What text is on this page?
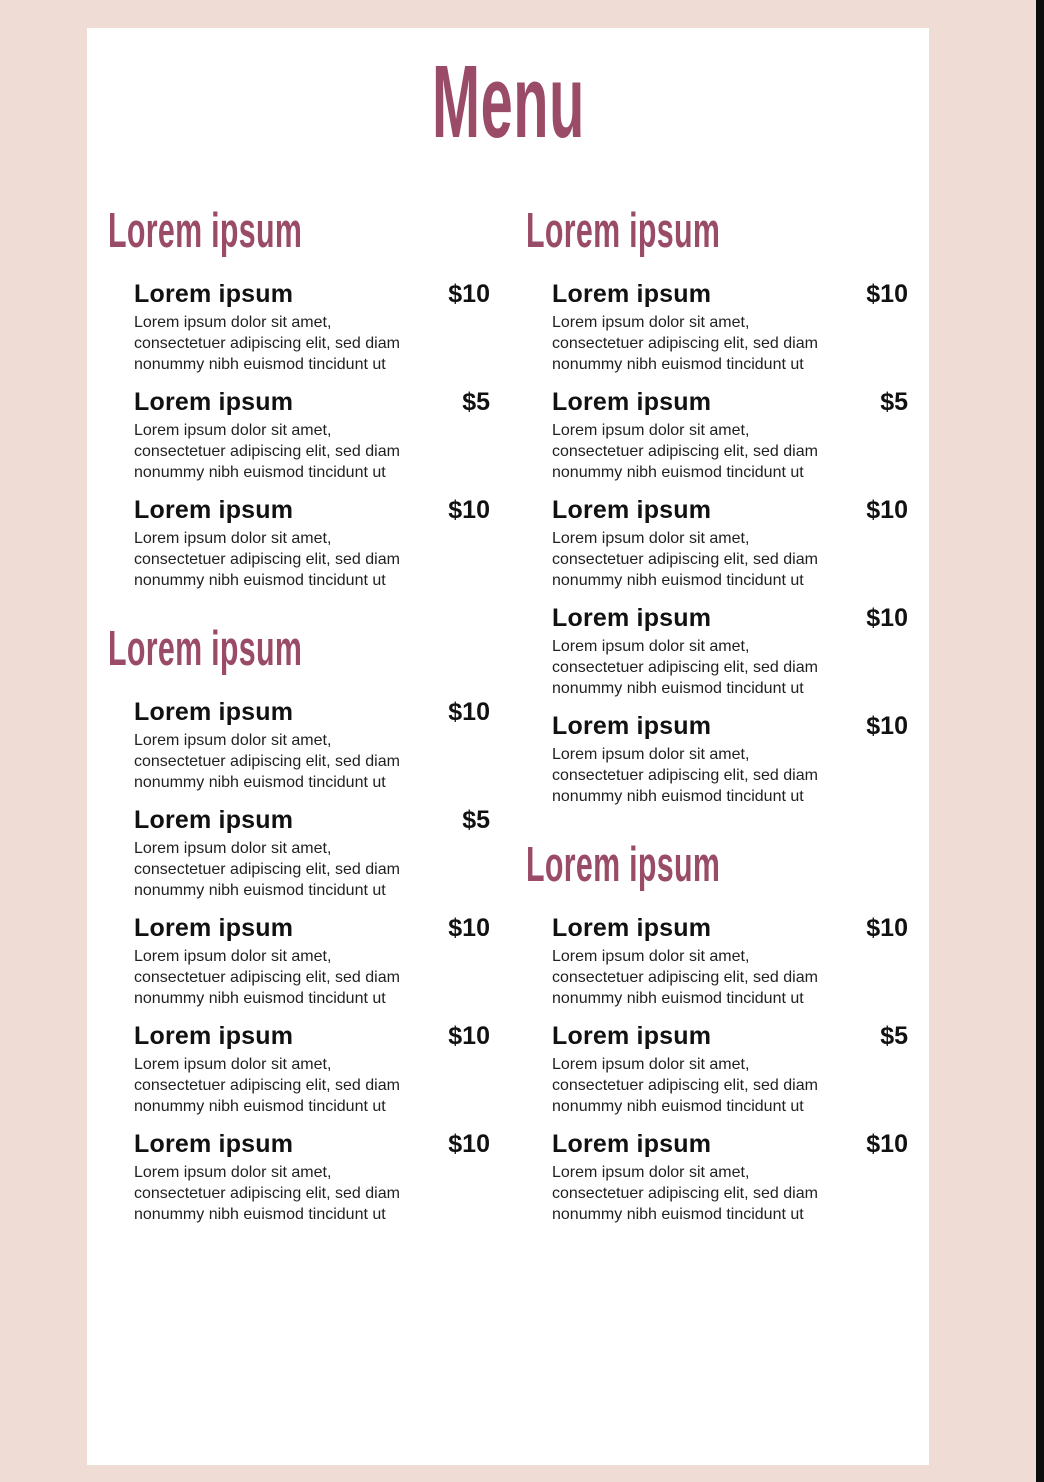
Menu
Lorem ipsum
Lorem ipsum	$10

Lorem ipsum dolor sit amet, consectetuer adipiscing elit, sed diam nonummy nibh euismod tincidunt ut

Lorem ipsum	$5

Lorem ipsum dolor sit amet, consectetuer adipiscing elit, sed diam nonummy nibh euismod tincidunt ut

Lorem ipsum	$10

Lorem ipsum dolor sit amet, consectetuer adipiscing elit, sed diam nonummy nibh euismod tincidunt ut

Lorem ipsum
Lorem ipsum	$10

Lorem ipsum dolor sit amet, consectetuer adipiscing elit, sed diam nonummy nibh euismod tincidunt ut

Lorem ipsum	$5

Lorem ipsum dolor sit amet, consectetuer adipiscing elit, sed diam nonummy nibh euismod tincidunt ut

Lorem ipsum	$10

Lorem ipsum dolor sit amet, consectetuer adipiscing elit, sed diam nonummy nibh euismod tincidunt ut

Lorem ipsum	$10

Lorem ipsum dolor sit amet, consectetuer adipiscing elit, sed diam nonummy nibh euismod tincidunt ut

Lorem ipsum	$10

Lorem ipsum dolor sit amet, consectetuer adipiscing elit, sed diam nonummy nibh euismod tincidunt ut

Lorem ipsum
Lorem ipsum	$10

Lorem ipsum dolor sit amet, consectetuer adipiscing elit, sed diam nonummy nibh euismod tincidunt ut

Lorem ipsum	$5

Lorem ipsum dolor sit amet, consectetuer adipiscing elit, sed diam nonummy nibh euismod tincidunt ut

Lorem ipsum	$10

Lorem ipsum dolor sit amet, consectetuer adipiscing elit, sed diam nonummy nibh euismod tincidunt ut

Lorem ipsum	$10

Lorem ipsum dolor sit amet, consectetuer adipiscing elit, sed diam nonummy nibh euismod tincidunt ut

Lorem ipsum	$10

Lorem ipsum dolor sit amet, consectetuer adipiscing elit, sed diam nonummy nibh euismod tincidunt ut

Lorem ipsum
Lorem ipsum	$10

Lorem ipsum dolor sit amet, consectetuer adipiscing elit, sed diam nonummy nibh euismod tincidunt ut

Lorem ipsum	$5

Lorem ipsum dolor sit amet, consectetuer adipiscing elit, sed diam nonummy nibh euismod tincidunt ut

Lorem ipsum	$10

Lorem ipsum dolor sit amet, consectetuer adipiscing elit, sed diam nonummy nibh euismod tincidunt ut
